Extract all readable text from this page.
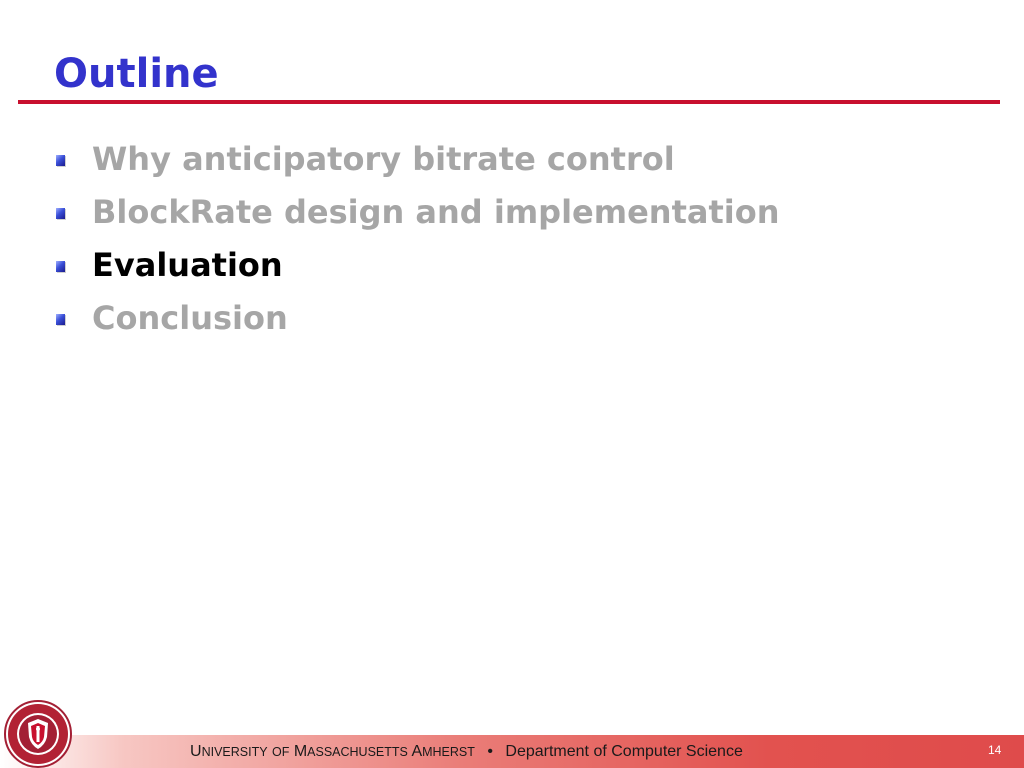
Outline
Why anticipatory bitrate control
BlockRate design and implementation
Evaluation
Conclusion
UNIVERSITY OF MASSACHUSETTS AMHERST • Department of Computer Science	14
